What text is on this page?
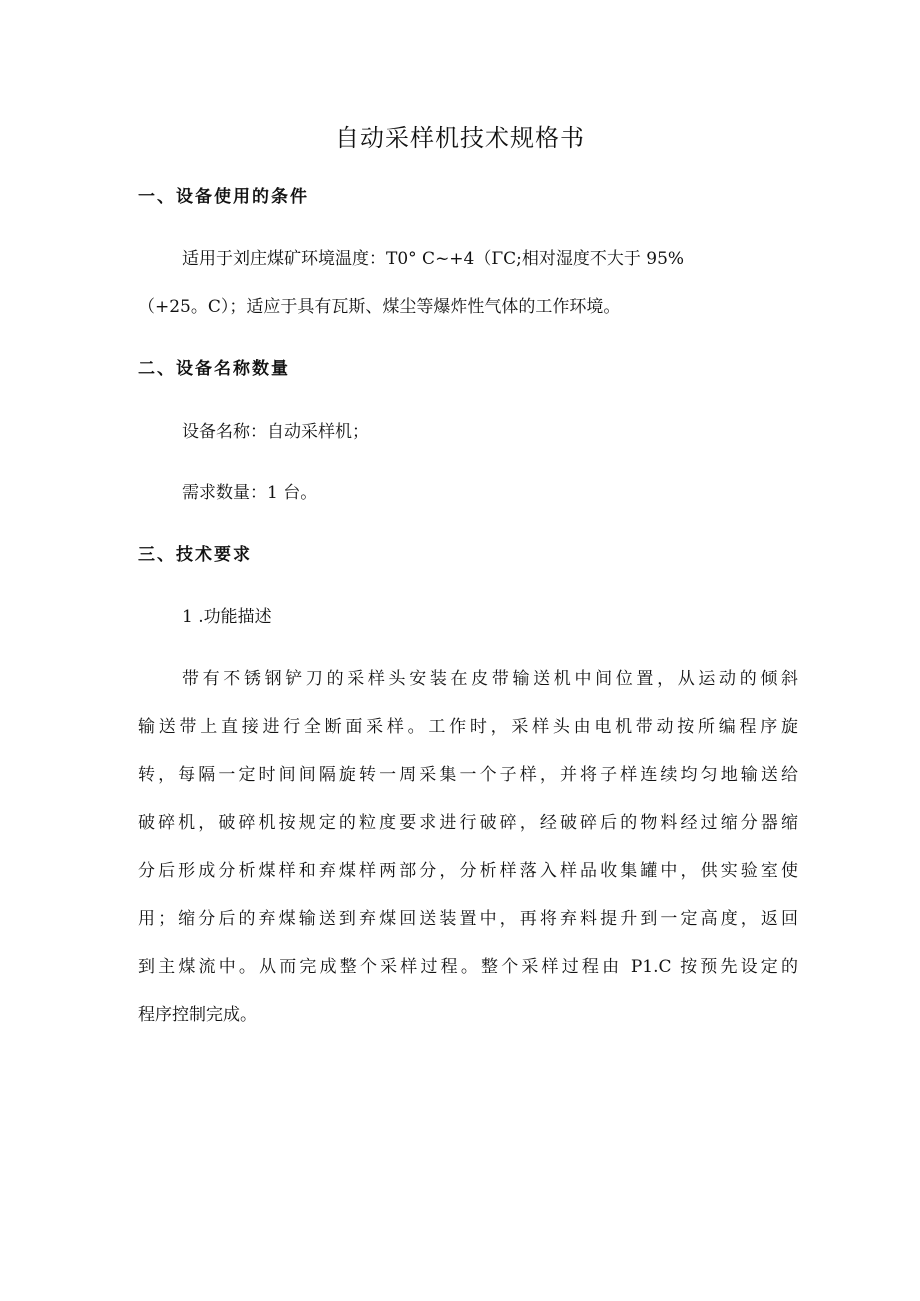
自动采样机技术规格书
一、设备使用的条件
适用于刘庄煤矿环境温度：T0° C~+4（ΓC;相对湿度不大于 95%
（+25。C）；适应于具有瓦斯、煤尘等爆炸性气体的工作环境。
二、设备名称数量
设备名称：自动采样机；
需求数量：1 台。
三、技术要求
1 .功能描述
带有不锈钢铲刀的采样头安装在皮带输送机中间位置，从运动的倾斜
输送带上直接进行全断面采样。工作时，采样头由电机带动按所编程序旋
转，每隔一定时间间隔旋转一周采集一个子样，并将子样连续均匀地输送给
破碎机，破碎机按规定的粒度要求进行破碎，经破碎后的物料经过缩分器缩
分后形成分析煤样和弃煤样两部分，分析样落入样品收集罐中，供实验室使
用；缩分后的弃煤输送到弃煤回送装置中，再将弃料提升到一定高度，返回
到主煤流中。从而完成整个采样过程。整个采样过程由 P1.C 按预先设定的
程序控制完成。
